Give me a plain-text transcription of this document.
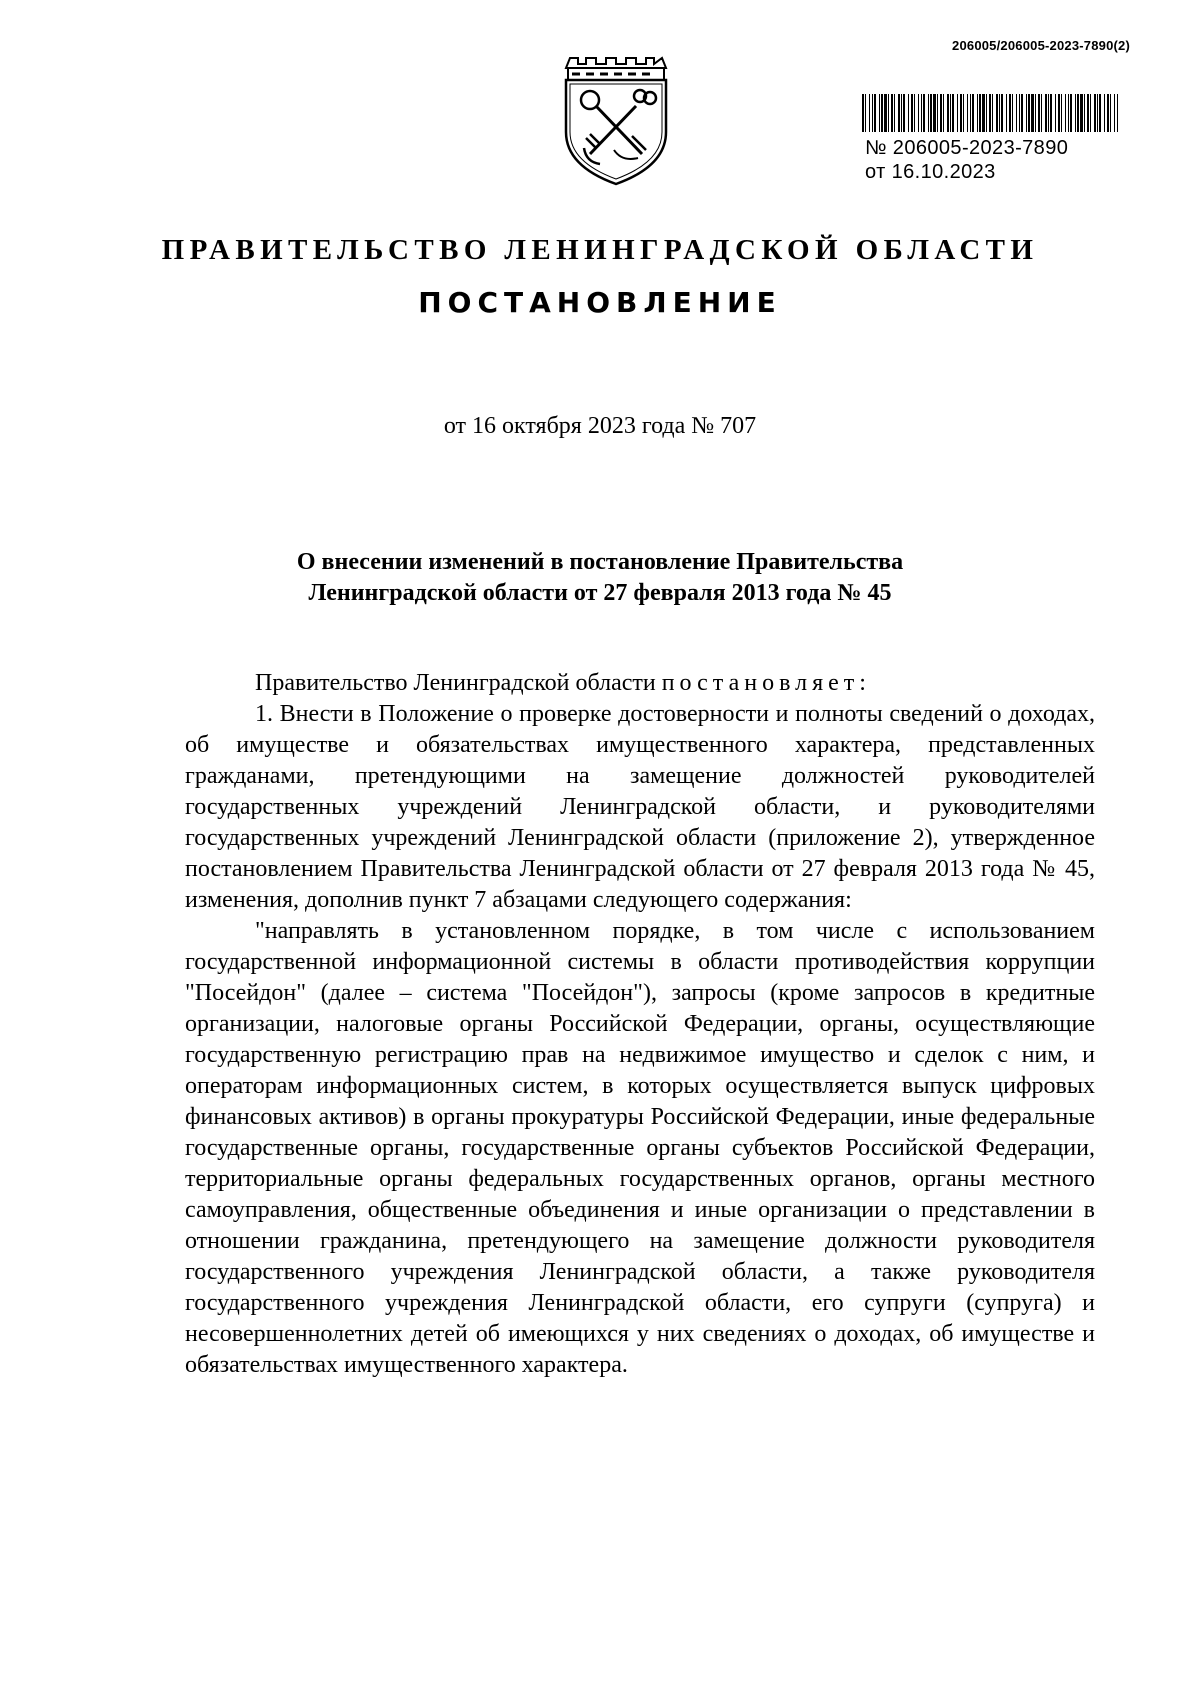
206005/206005-2023-7890(2)
№ 206005-2023-7890
от 16.10.2023
ПРАВИТЕЛЬСТВО ЛЕНИНГРАДСКОЙ ОБЛАСТИ
ПОСТАНОВЛЕНИЕ
от 16 октября 2023 года № 707
О внесении изменений в постановление Правительства
Ленинградской области от 27 февраля 2013 года № 45

Правительство Ленинградской области постановляет:

1. Внести в Положение о проверке достоверности и полноты сведений о доходах, об имуществе и обязательствах имущественного характера, представленных гражданами, претендующими на замещение должностей руководителей государственных учреждений Ленинградской области, и руководителями государственных учреждений Ленинградской области (приложение 2), утвержденное постановлением Правительства Ленинградской области от 27 февраля 2013 года № 45, изменения, дополнив пункт 7 абзацами следующего содержания:

"направлять в установленном порядке, в том числе с использованием государственной информационной системы в области противодействия коррупции "Посейдон" (далее – система "Посейдон"), запросы (кроме запросов в кредитные организации, налоговые органы Российской Федерации, органы, осуществляющие государственную регистрацию прав на недвижимое имущество и сделок с ним, и операторам информационных систем, в которых осуществляется выпуск цифровых финансовых активов) в органы прокуратуры Российской Федерации, иные федеральные государственные органы, государственные органы субъектов Российской Федерации, территориальные органы федеральных государственных органов, органы местного самоуправления, общественные объединения и иные организации о представлении в отношении гражданина, претендующего на замещение должности руководителя государственного учреждения Ленинградской области, а также руководителя государственного учреждения Ленинградской области, его супруги (супруга) и несовершеннолетних детей об имеющихся у них сведениях о доходах, об имуществе и обязательствах имущественного характера.
